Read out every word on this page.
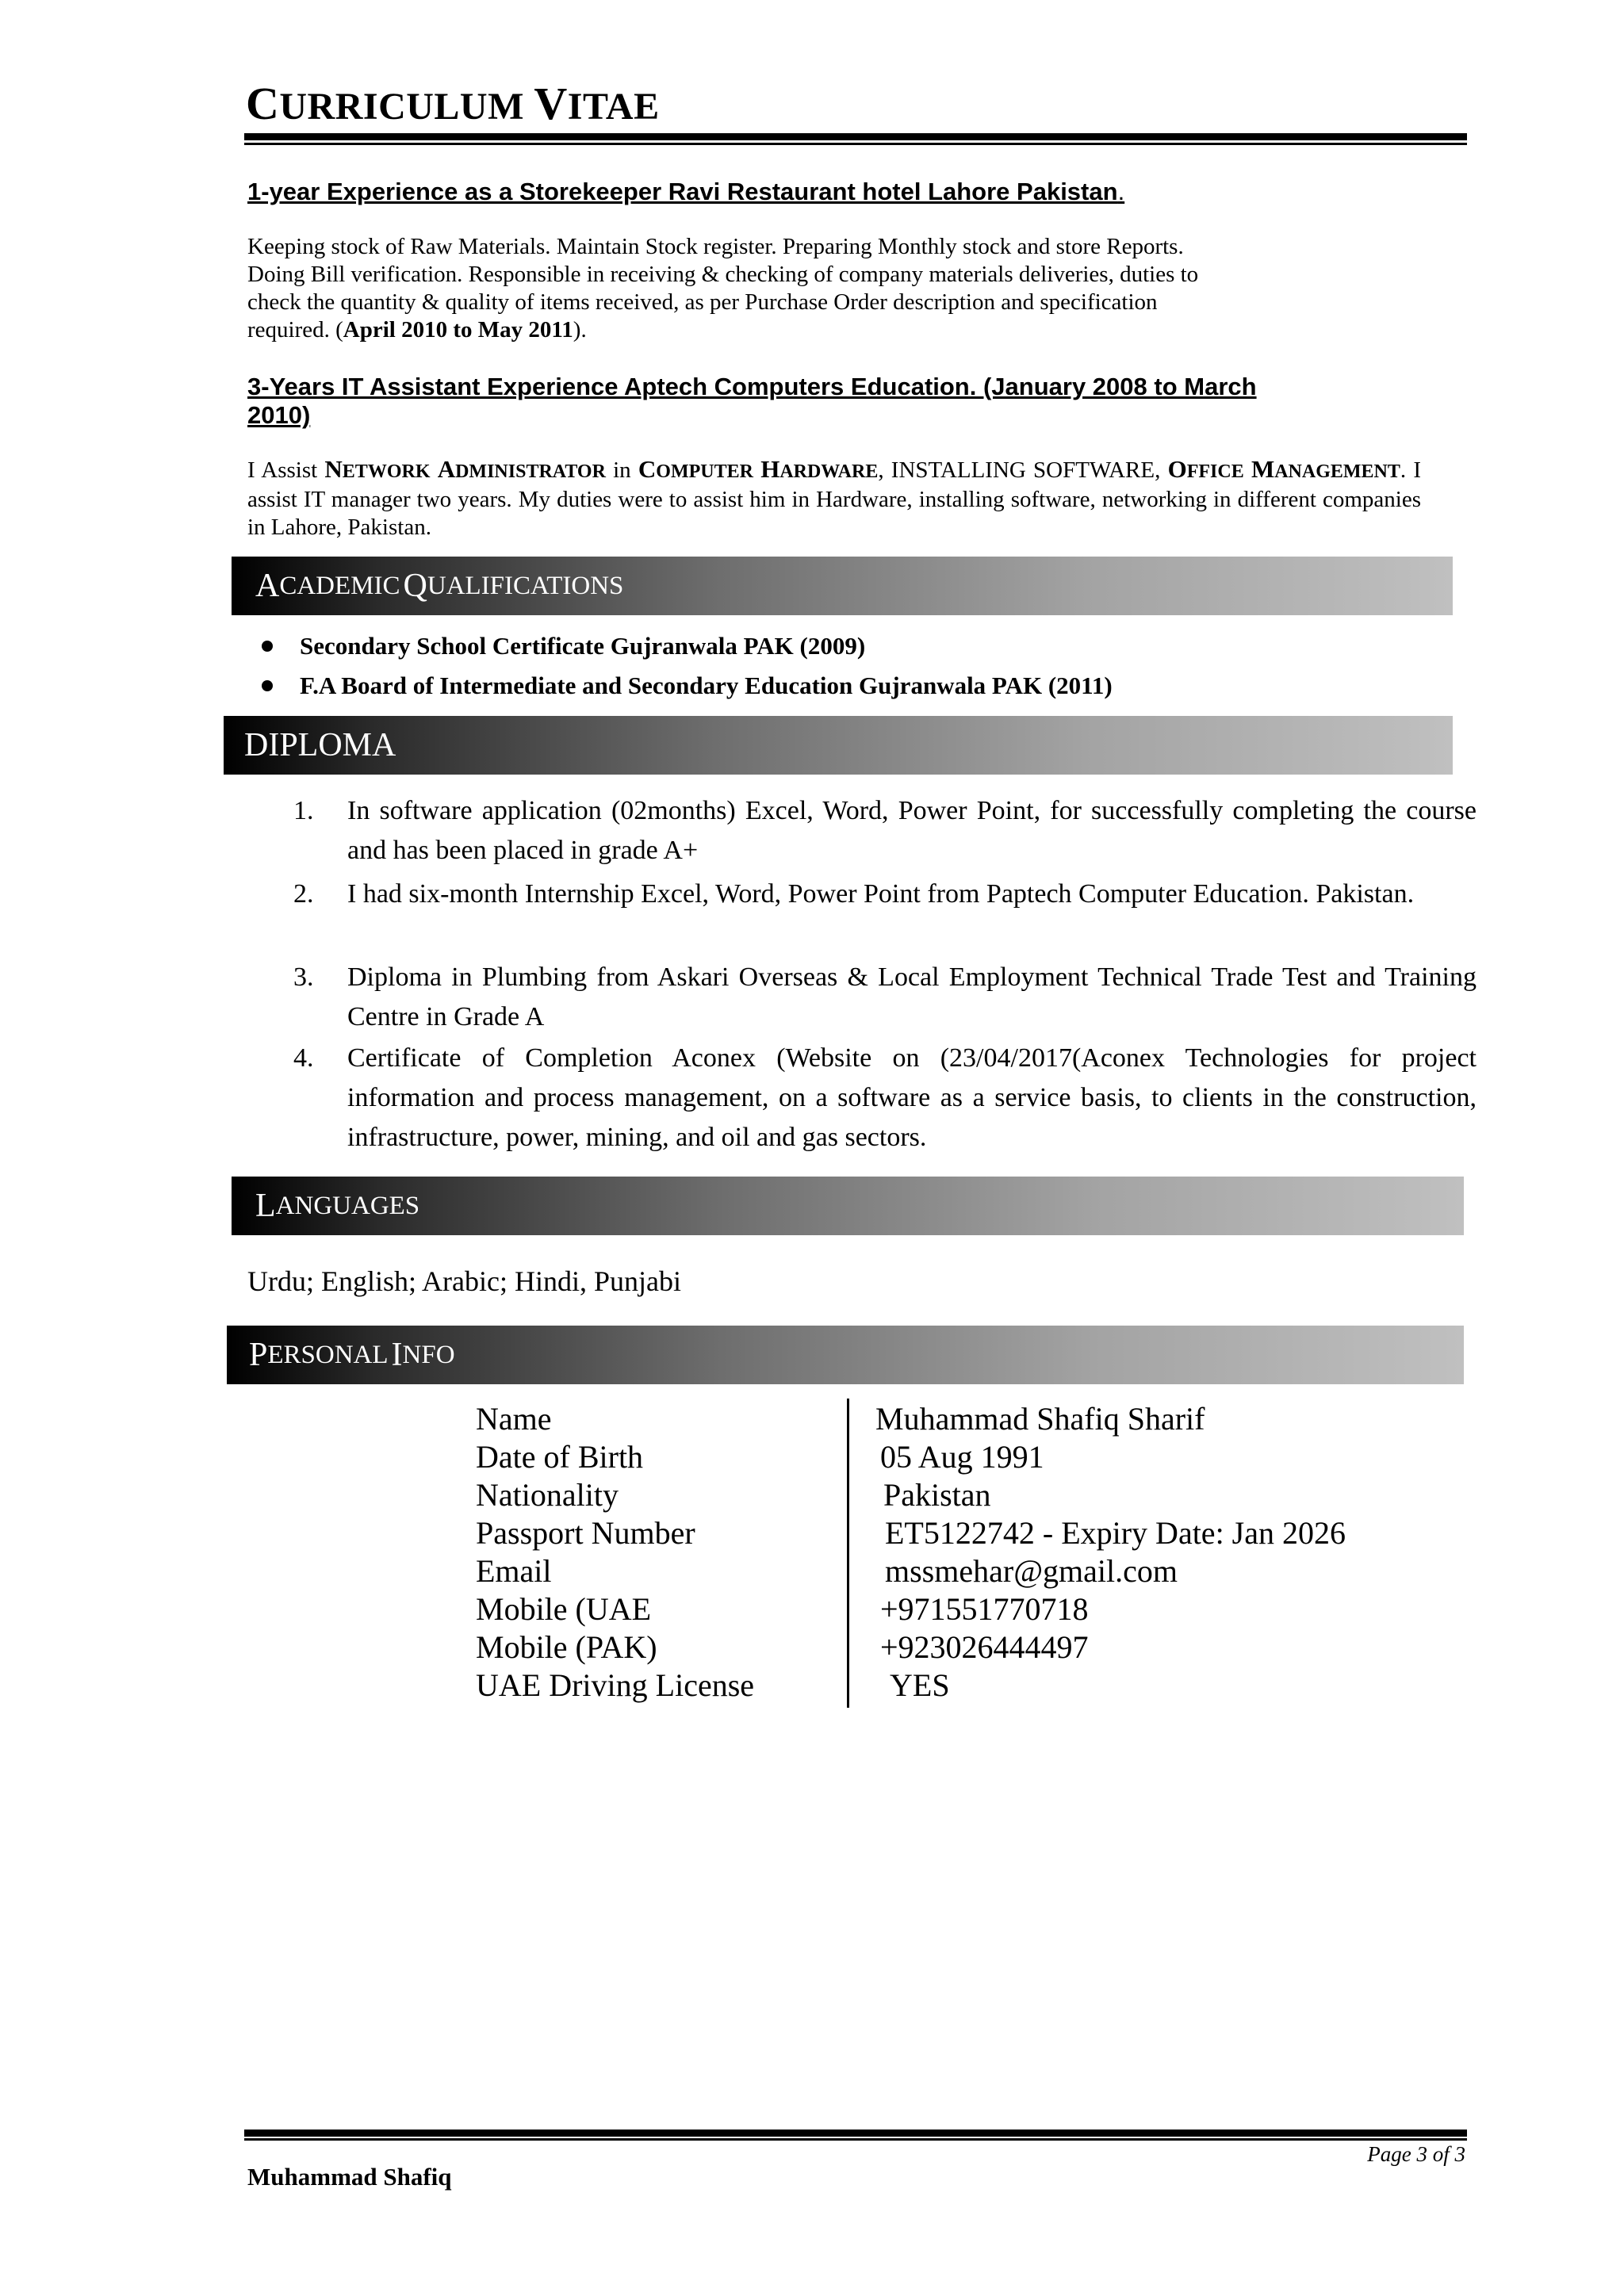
CURRICULUM VITAE
1-year Experience as a Storekeeper Ravi Restaurant hotel Lahore Pakistan.
Keeping stock of Raw Materials. Maintain Stock register. Preparing Monthly stock and store Reports.
Doing Bill verification. Responsible in receiving & checking of company materials deliveries, duties to
check the quantity & quality of items received, as per Purchase Order description and specification
required. (April 2010 to May 2011).
3-Years IT Assistant Experience Aptech Computers Education. (January 2008 to March
2010)
I Assist NETWORK ADMINISTRATOR in COMPUTER HARDWARE, INSTALLING SOFTWARE, OFFICE MANAGEMENT. I assist IT manager two years. My duties were to assist him in Hardware, installing software, networking in different companies in Lahore, Pakistan.
A CADEMIC
Q UALIFICATIONS
Secondary School Certificate Gujranwala PAK (2009)
F.A Board of Intermediate and Secondary Education Gujranwala PAK (2011)
DIPLOMA
1.	In software application (02months) Excel, Word, Power Point, for successfully completing the course and has been placed in grade A+
2.	I had six-month Internship Excel, Word, Power Point from Paptech Computer Education. Pakistan.
3.	Diploma in Plumbing from Askari Overseas & Local Employment Technical Trade Test and Training Centre in Grade A
4.	Certificate of Completion Aconex (Website on (23/04/2017(Aconex Technologies for project information and process management, on a software as a service basis, to clients in the construction, infrastructure, power, mining, and oil and gas sectors.
L ANGUAGES
Urdu; English; Arabic; Hindi, Punjabi
P ERSONAL
I NFO
Name	Muhammad Shafiq Sharif
Date of Birth	05 Aug 1991
Nationality	Pakistan
Passport Number	ET5122742 - Expiry Date: Jan 2026
Email	mssmehar@gmail.com
Mobile (UAE	+971551770718
Mobile (PAK)	+923026444497
UAE Driving License	YES
Page 3 of 3
Muhammad Shafiq
